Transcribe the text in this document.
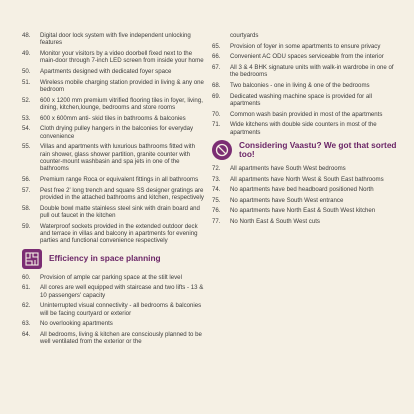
48.	Digital door lock system with five independent unlocking features
49.	Monitor your visitors by a video doorbell fixed next to the main-door through 7-inch LED screen from inside your home
50.	Apartments designed with dedicated foyer space
51.	Wireless mobile charging station provided in living & any one bedroom
52.	600 x 1200 mm premium vitrified flooring tiles in foyer, living, dining, kitchen,lounge, bedrooms and store rooms
53.	600 x 600mm anti- skid tiles in bathrooms & balconies
54.	Cloth drying pulley hangers in the balconies for everyday convenience
55.	Villas and apartments with luxurious bathrooms fitted with rain shower, glass shower partition, granite counter with counter-mount washbasin and spa jets in one of the bathrooms
56.	Premium range Roca or equivalent fittings in all bathrooms
57.	Pest free 2' long trench and square SS designer gratings are provided in the attached bathrooms and kitchen, respectively
58.	Double bowl matte stainless steel sink with drain board and pull out faucet in the kitchen
59.	Waterproof sockets provided in the extended outdoor deck and terrace in villas and balcony in apartments for evening parties and functional convenience respectively
Efficiency in space planning
60.	Provision of ample car parking space at the stilt level
61.	All cores are well equipped with staircase and two lifts - 13 & 10 passengers' capacity
62.	Uninterrupted visual connectivity - all bedrooms & balconies will be facing courtyard or exterior
63.	No overlooking apartments
64.	All bedrooms, living & kitchen are consciously planned to be well ventilated from the exterior or the
courtyards
65.	Provision of foyer in some apartments to ensure privacy
66.	Convenient AC ODU spaces serviceable from the interior
67.	All 3 & 4 BHK signature units with walk-in wardrobe in one of the bedrooms
68.	Two balconies - one in living & one of the bedrooms
69.	Dedicated washing machine space is provided for all apartments
70.	Common wash basin provided in most of the apartments
71.	Wide kitchens with double side counters in most of the apartments
Considering Vaastu? We got that sorted too!
72.	All apartments have South West bedrooms
73.	All apartments have North West & South East bathrooms
74.	No apartments have bed headboard positioned North
75.	No apartments have South West entrance
76.	No apartments have North East & South West kitchen
77.	No North East & South West cuts
